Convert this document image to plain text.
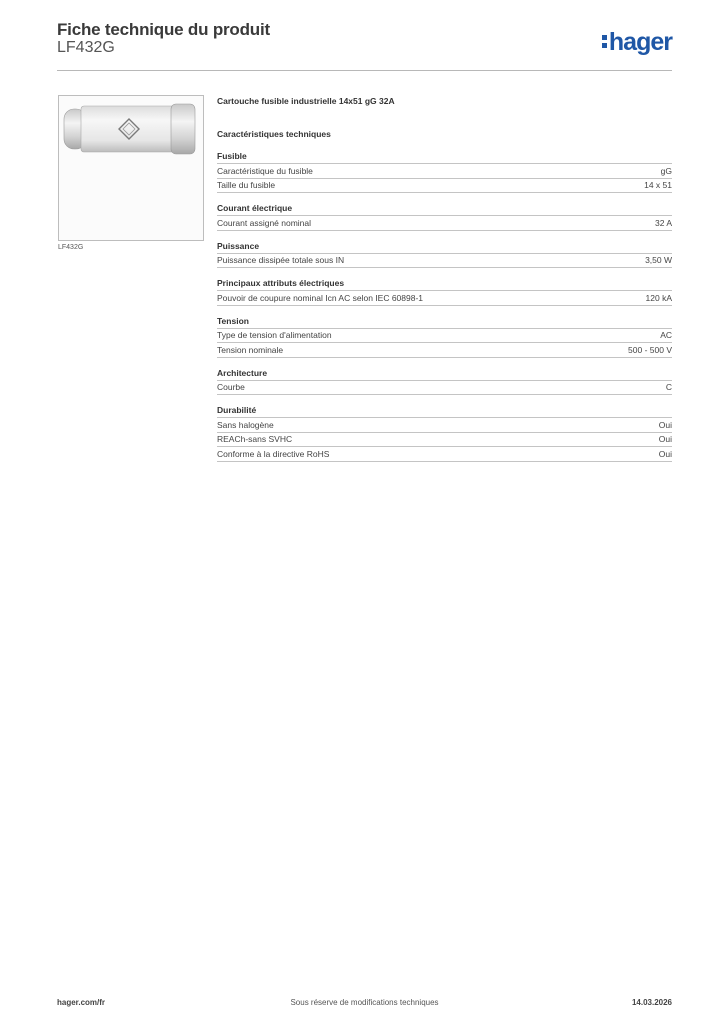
Fiche technique du produit
LF432G	hager
LF432G
Cartouche fusible industrielle 14x51 gG 32A
Caractéristiques techniques
Fusible
Caractéristique du fusible	gG
Taille du fusible	14 x 51
Courant électrique
Courant assigné nominal	32 A
Puissance
Puissance dissipée totale sous IN	3,50 W
Principaux attributs électriques
Pouvoir de coupure nominal Icn AC selon IEC 60898-1	120 kA
Tension
Type de tension d'alimentation	AC
Tension nominale	500 - 500 V
Architecture
Courbe	C
Durabilité
Sans halogène	Oui
REACh-sans SVHC	Oui
Conforme à la directive RoHS	Oui
Sous réserve de modifications techniques
hager.com/fr	14.03.2026
